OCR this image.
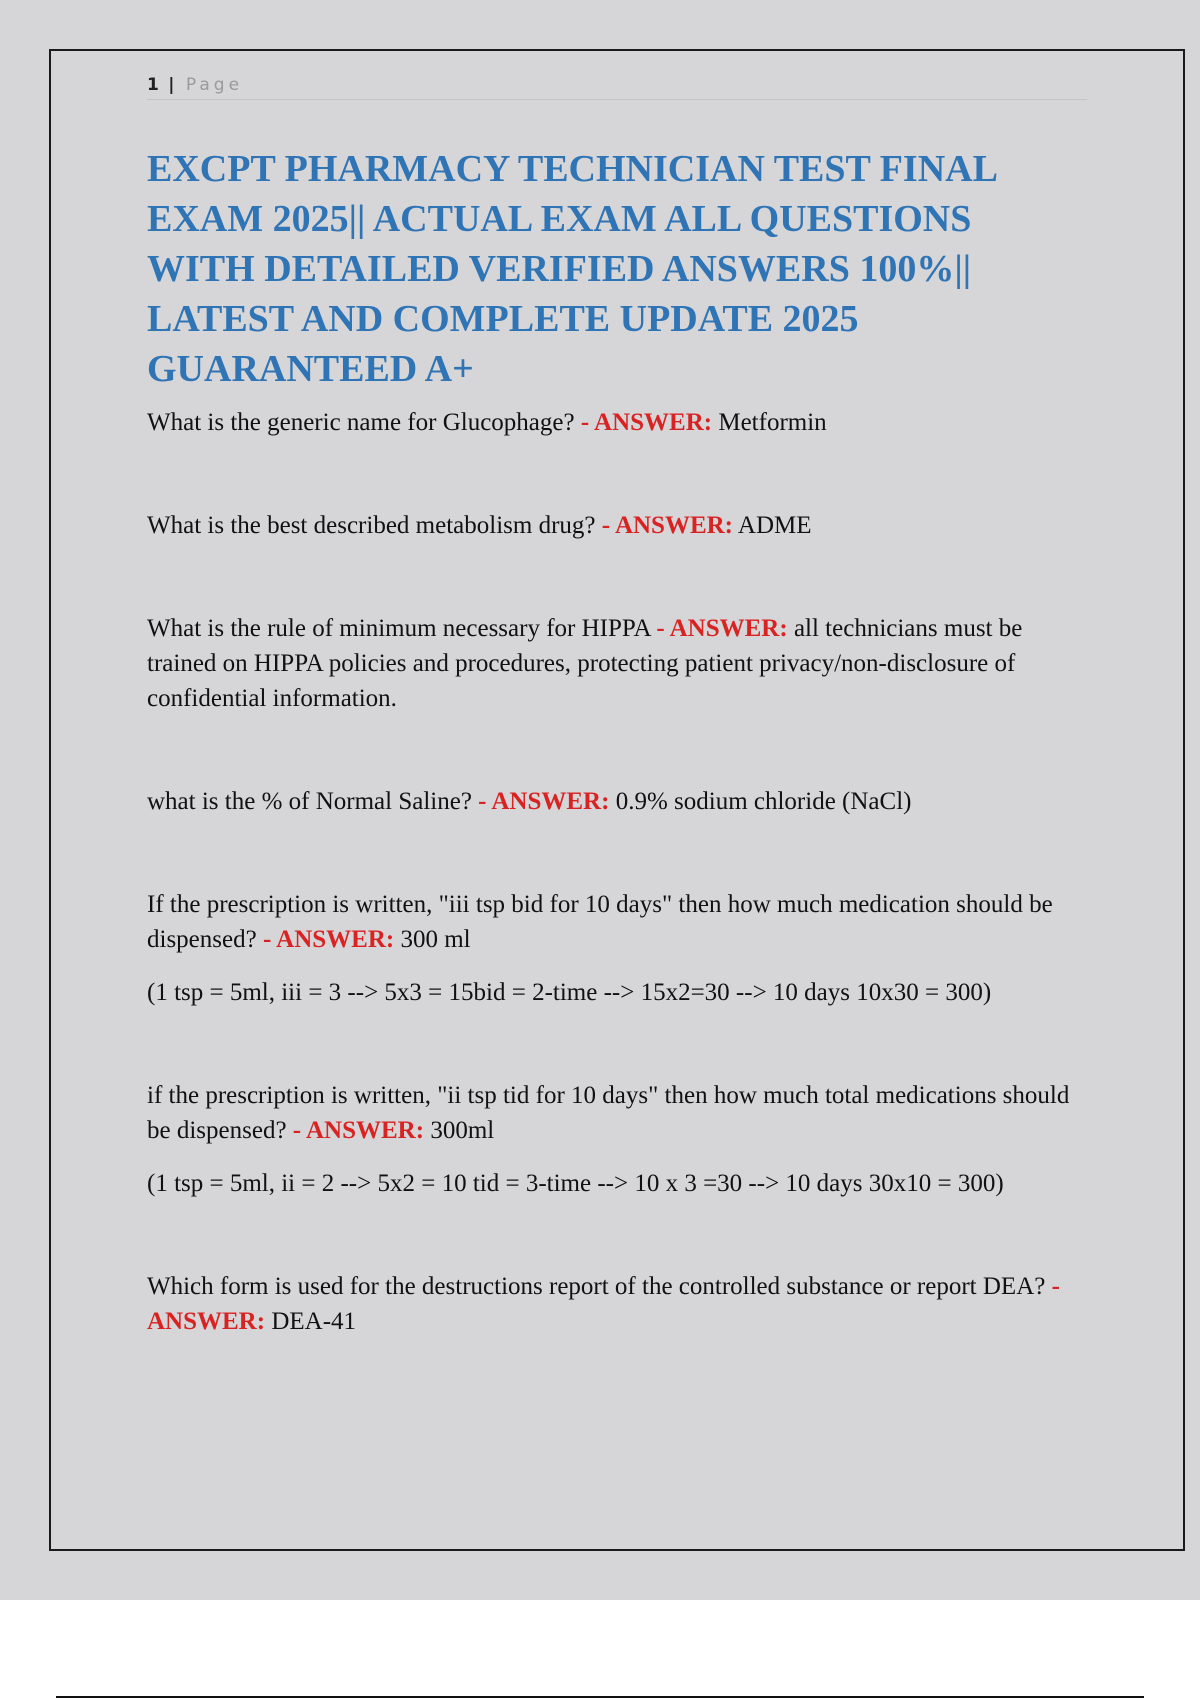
1 | Page
EXCPT PHARMACY TECHNICIAN TEST FINAL EXAM 2025|| ACTUAL EXAM ALL QUESTIONS WITH DETAILED VERIFIED ANSWERS 100%|| LATEST AND COMPLETE UPDATE 2025 GUARANTEED A+

What is the generic name for Glucophage? - ANSWER: Metformin

What is the best described metabolism drug? - ANSWER: ADME

What is the rule of minimum necessary for HIPPA - ANSWER: all technicians must be trained on HIPPA policies and procedures, protecting patient privacy/non-disclosure of confidential information.

what is the % of Normal Saline? - ANSWER: 0.9% sodium chloride (NaCl)

If the prescription is written, "iii tsp bid for 10 days" then how much medication should be dispensed? - ANSWER: 300 ml

(1 tsp = 5ml, iii = 3 --> 5x3 = 15bid = 2-time --> 15x2=30 --> 10 days 10x30 = 300)

if the prescription is written, "ii tsp tid for 10 days" then how much total medications should be dispensed? - ANSWER: 300ml

(1 tsp = 5ml, ii = 2 --> 5x2 = 10 tid = 3-time --> 10 x 3 =30 --> 10 days 30x10 = 300)

Which form is used for the destructions report of the controlled substance or report DEA? - ANSWER: DEA-41
